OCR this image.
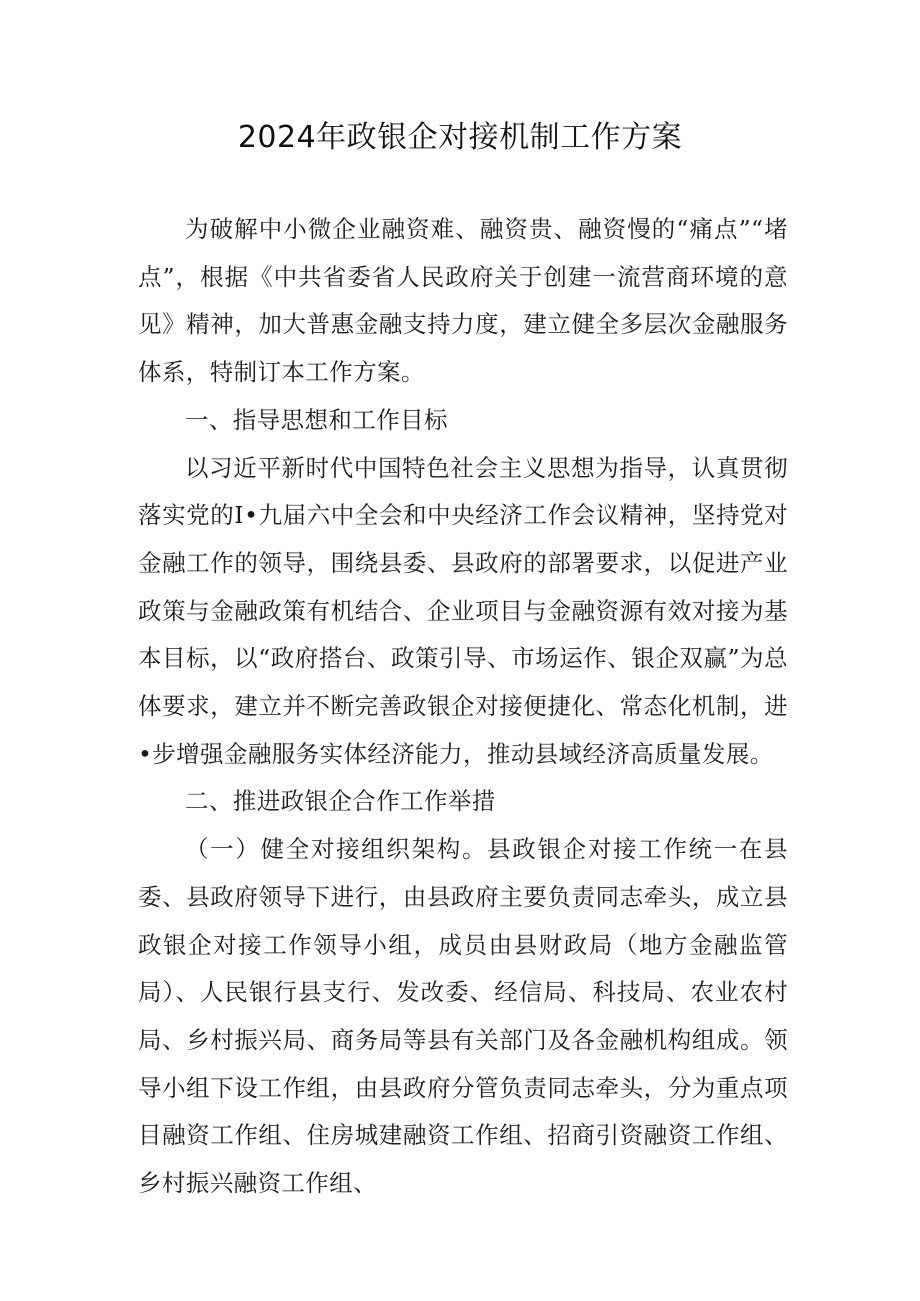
2024年政银企对接机制工作方案

为破解中小微企业融资难、融资贵、融资慢的“痛点”“堵点”，根据《中共省委省人民政府关于创建一流营商环境的意见》精神，加大普惠金融支持力度，建立健全多层次金融服务体系，特制订本工作方案。

一、指导思想和工作目标

以习近平新时代中国特色社会主义思想为指导，认真贯彻落实党的Ⅰ•九届六中全会和中央经济工作会议精神，坚持党对金融工作的领导，围绕县委、县政府的部署要求，以促进产业政策与金融政策有机结合、企业项目与金融资源有效对接为基本目标，以“政府搭台、政策引导、市场运作、银企双赢”为总体要求，建立并不断完善政银企对接便捷化、常态化机制，进•步增强金融服务实体经济能力，推动县域经济高质量发展。

二、推进政银企合作工作举措

（一）健全对接组织架构。县政银企对接工作统一在县委、县政府领导下进行，由县政府主要负责同志牵头，成立县政银企对接工作领导小组，成员由县财政局（地方金融监管局）、人民银行县支行、发改委、经信局、科技局、农业农村局、乡村振兴局、商务局等县有关部门及各金融机构组成。领导小组下设工作组，由县政府分管负责同志牵头，分为重点项目融资工作组、住房城建融资工作组、招商引资融资工作组、乡村振兴融资工作组、
